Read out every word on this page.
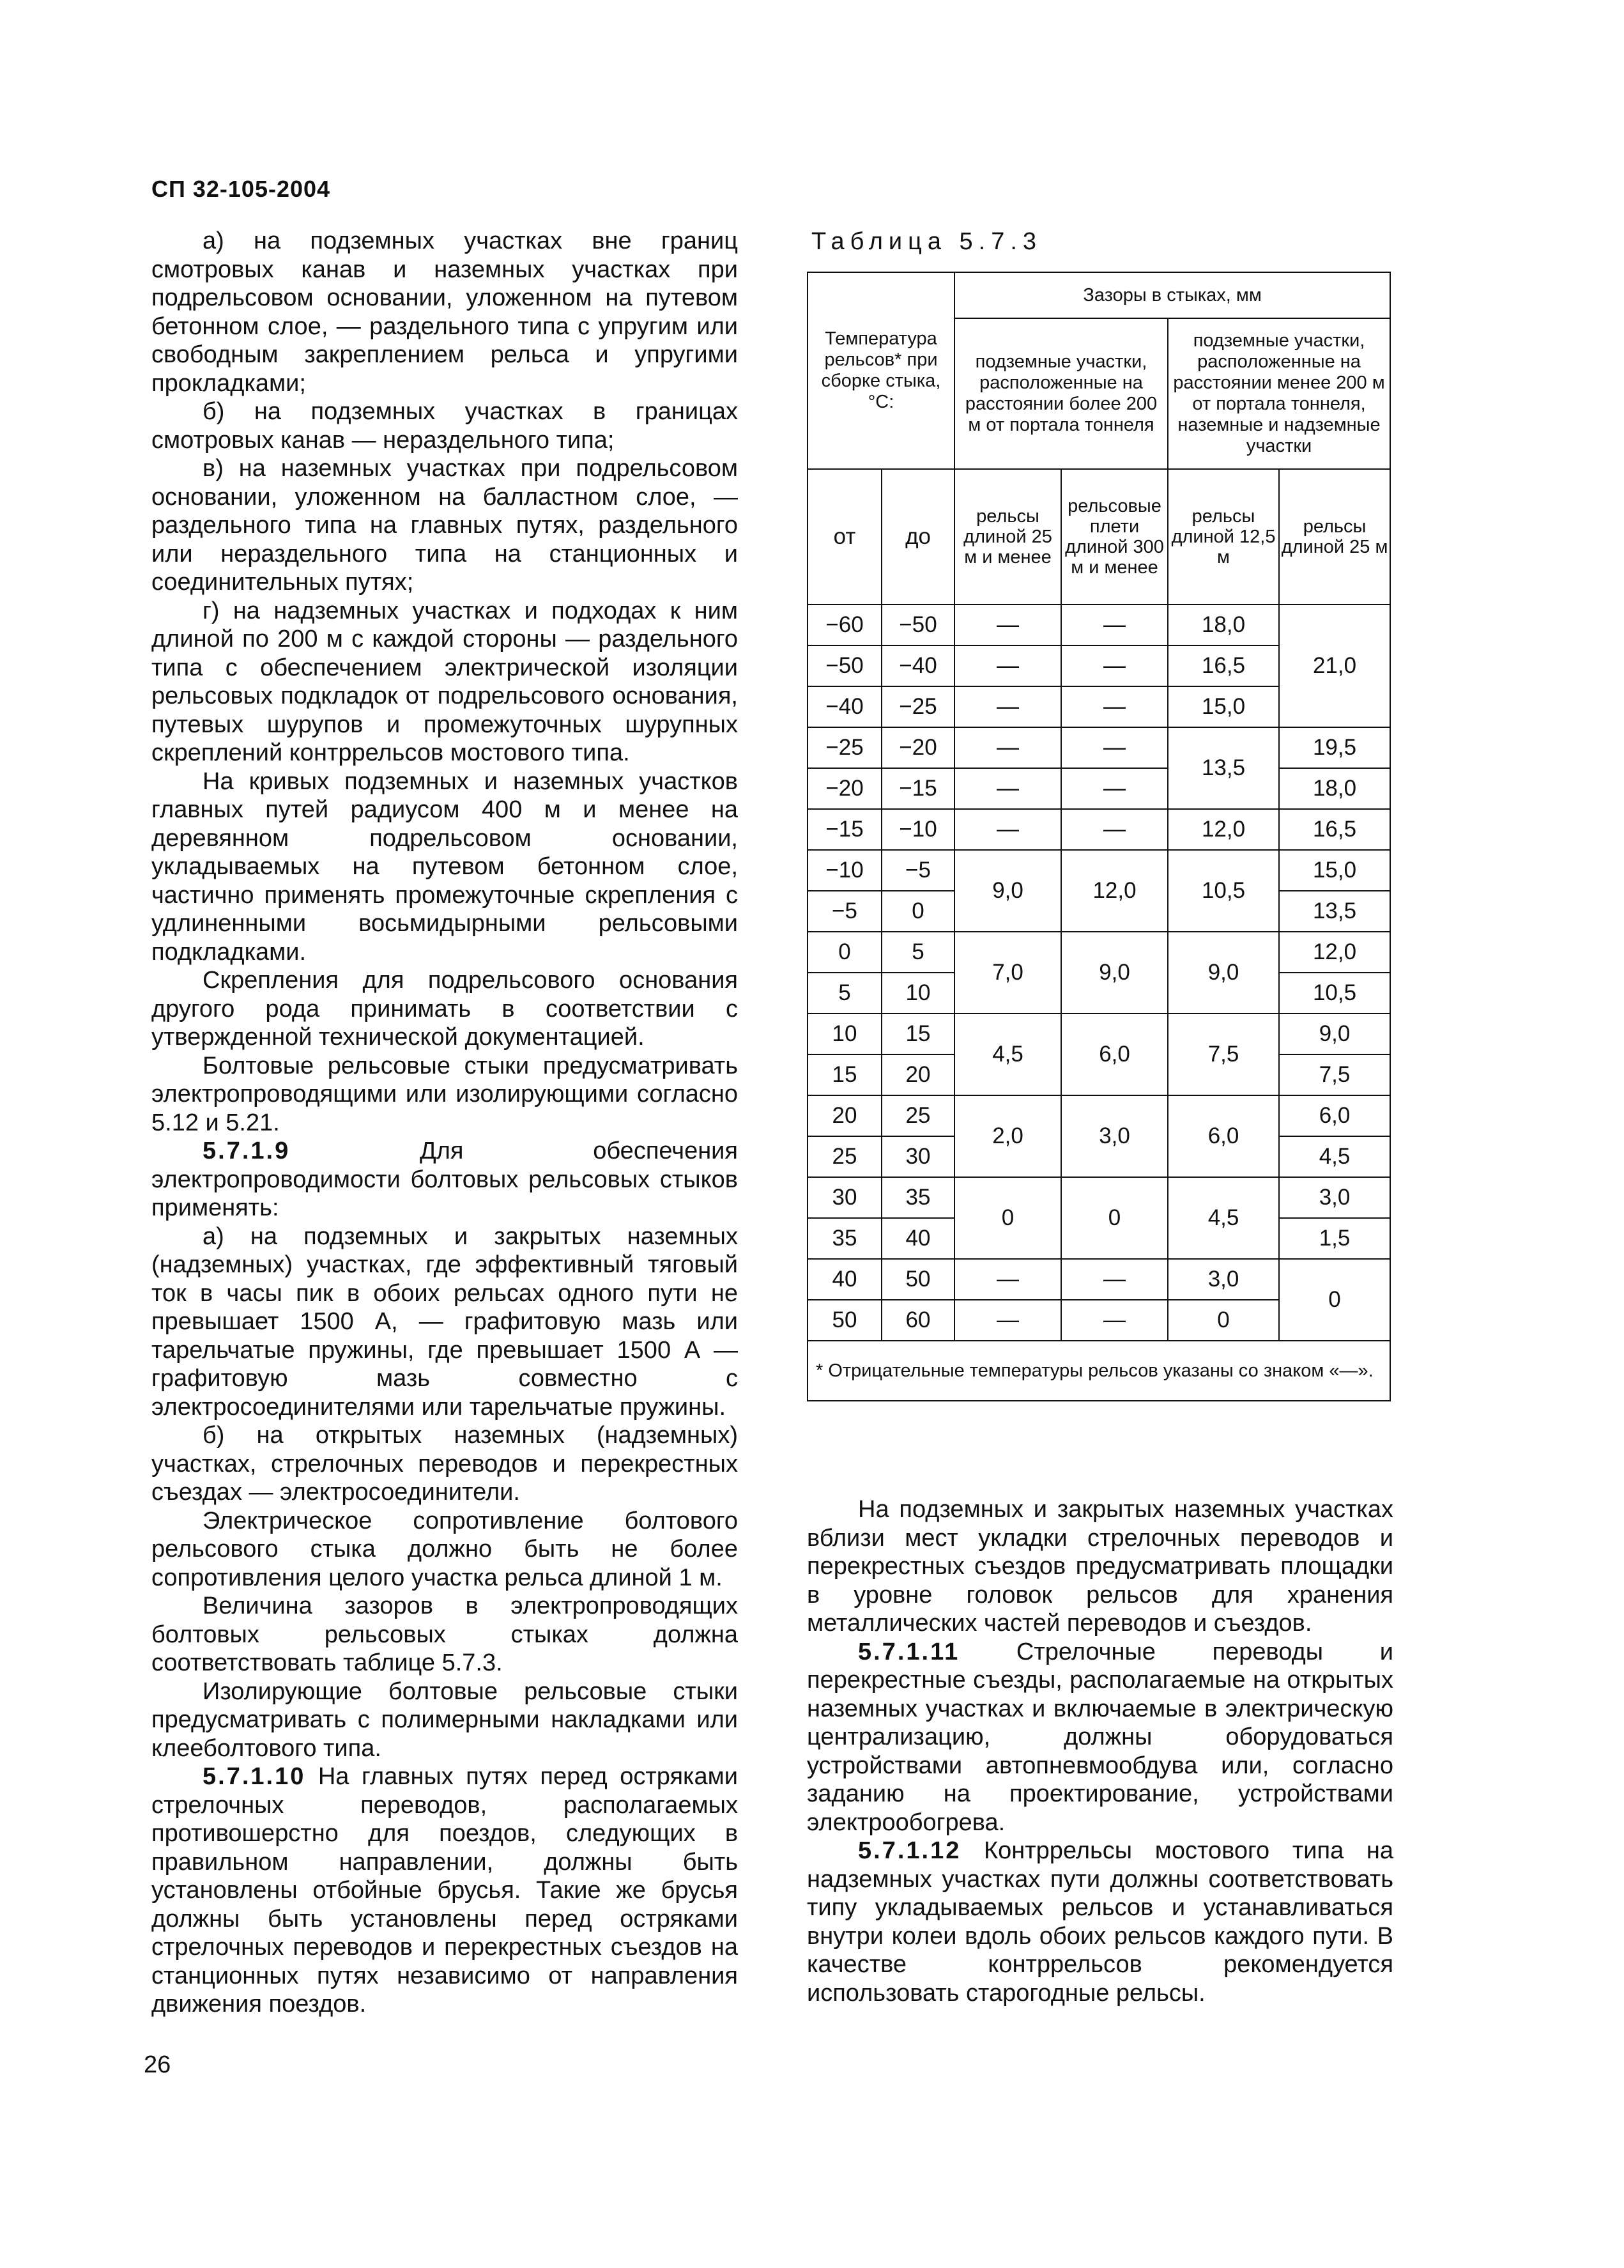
СП 32-105-2004

а) на подземных участках вне границ смотровых канав и наземных участках при подрельсовом основании, уложенном на путевом бетонном слое, — раздельного типа с упругим или свободным закреплением рельса и упругими прокладками;

б) на подземных участках в границах смотровых канав — нераздельного типа;

в) на наземных участках при подрельсовом основании, уложенном на балластном слое, — раздельного типа на главных путях, раздельного или нераздельного типа на станционных и соединительных путях;

г) на надземных участках и подходах к ним длиной по 200 м с каждой стороны — раздельного типа с обеспечением электрической изоляции рельсовых подкладок от подрельсового основания, путевых шурупов и промежуточных шурупных скреплений контррельсов мостового типа.

На кривых подземных и наземных участков главных путей радиусом 400 м и менее на деревянном подрельсовом основании, укладываемых на путевом бетонном слое, частично применять промежуточные скрепления с удлиненными восьмидырными рельсовыми подкладками.

Скрепления для подрельсового основания другого рода принимать в соответствии с утвержденной технической документацией.

Болтовые рельсовые стыки предусматривать электропроводящими или изолирующими согласно 5.12 и 5.21.

5.7.1.9 Для обеспечения электропроводимости болтовых рельсовых стыков применять:

а) на подземных и закрытых наземных (надземных) участках, где эффективный тяговый ток в часы пик в обоих рельсах одного пути не превышает 1500 А, — графитовую мазь или тарельчатые пружины, где превышает 1500 А — графитовую мазь совместно с электросоединителями или тарельчатые пружины.

б) на открытых наземных (надземных) участках, стрелочных переводов и перекрестных съездах — электросоединители.

Электрическое сопротивление болтового рельсового стыка должно быть не более сопротивления целого участка рельса длиной 1 м.

Величина зазоров в электропроводящих болтовых рельсовых стыках должна соответствовать таблице 5.7.3.

Изолирующие болтовые рельсовые стыки предусматривать с полимерными накладками или клееболтового типа.

5.7.1.10 На главных путях перед остряками стрелочных переводов, располагаемых противошерстно для поездов, следующих в правильном направлении, должны быть установлены отбойные брусья. Такие же брусья должны быть установлены перед остряками стрелочных переводов и перекрестных съездов на станционных путях независимо от направления движения поездов.

Таблица 5.7.3
Температура рельсов* при сборке стыка, °С:		Зазоры в стыках, мм			
		подземные участки, расположенные на расстоянии более 200 м от портала тоннеля		подземные участки, расположенные на расстоянии менее 200 м от портала тоннеля, наземные и надземные участки	
от	до	рельсы длиной 25 м и менее	рельсовые плети длиной 300 м и менее	рельсы длиной 12,5 м	рельсы длиной 25 м
−60	−50	—	—	18,0	21,0
−50	−40	—	—	16,5	
−40	−25	—	—	15,0	
−25	−20	—	—	13,5	19,5
−20	−15	—	—		18,0
−15	−10	—	—	12,0	16,5
−10	−5	9,0	12,0	10,5	15,0
−5	0				13,5
0	5	7,0	9,0	9,0	12,0
5	10				10,5
10	15	4,5	6,0	7,5	9,0
15	20				7,5
20	25	2,0	3,0	6,0	6,0
25	30				4,5
30	35	0	0	4,5	3,0
35	40				1,5
40	50	—	—	3,0	0
50	60	—	—	0	
* Отрицательные температуры рельсов указаны со знаком «—».					

На подземных и закрытых наземных участках вблизи мест укладки стрелочных переводов и перекрестных съездов предусматривать площадки в уровне головок рельсов для хранения металлических частей переводов и съездов.

5.7.1.11 Стрелочные переводы и перекрестные съезды, располагаемые на открытых наземных участках и включаемые в электрическую централизацию, должны оборудоваться устройствами автопневмообдува или, согласно заданию на проектирование, устройствами электрообогрева.

5.7.1.12 Контррельсы мостового типа на надземных участках пути должны соответствовать типу укладываемых рельсов и устанавливаться внутри колеи вдоль обоих рельсов каждого пути. В качестве контррельсов рекомендуется использовать старогодные рельсы.

26
